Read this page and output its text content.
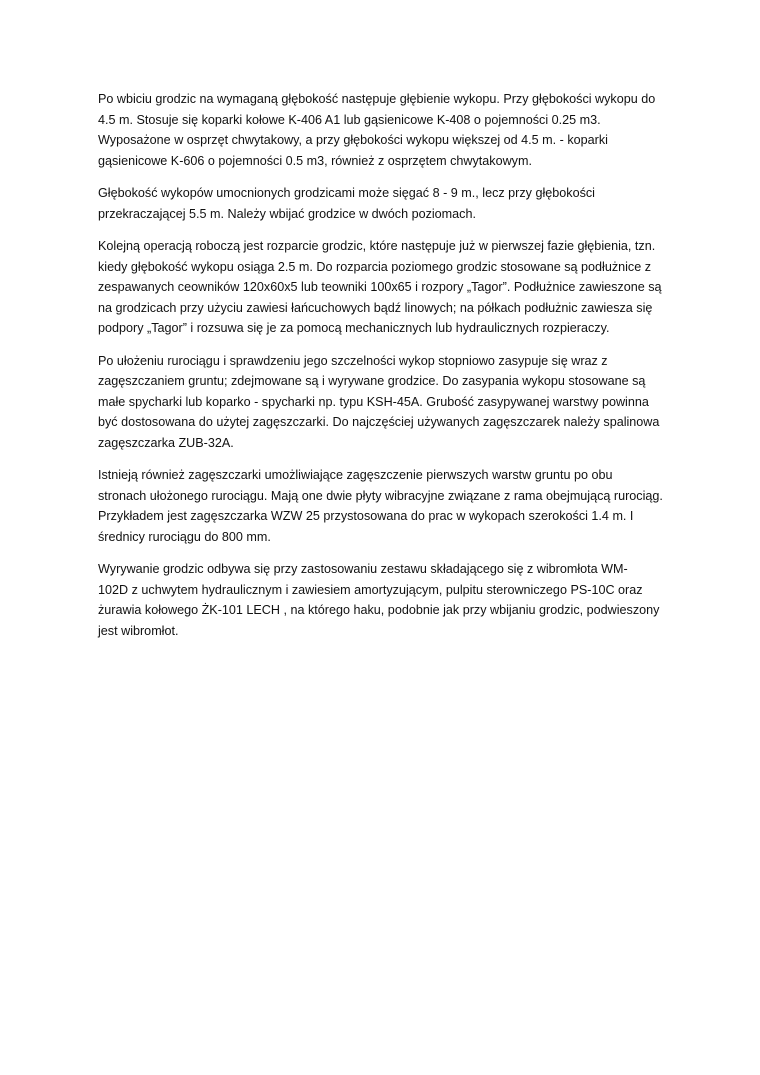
Po wbiciu grodzic na wymaganą głębokość następuje głębienie wykopu. Przy głębokości wykopu do
4.5 m. Stosuje się koparki kołowe K-406 A1 lub gąsienicowe K-408 o pojemności 0.25 m3.
Wyposażone w osprzęt chwytakowy, a przy głębokości wykopu większej od 4.5 m. - koparki
gąsienicowe K-606 o pojemności 0.5 m3, również z osprzętem chwytakowym.

Głębokość wykopów umocnionych grodzicami może sięgać 8 - 9 m., lecz przy głębokości
przekraczającej 5.5 m. Należy wbijać grodzice w dwóch poziomach.

Kolejną operacją roboczą jest rozparcie grodzic, które następuje już w pierwszej fazie głębienia, tzn.
kiedy głębokość wykopu osiąga 2.5 m. Do rozparcia poziomego grodzic stosowane są podłużnice z
zespawanych ceowników 120x60x5 lub teowniki 100x65 i rozpory „Tagor”. Podłużnice zawieszone są
na grodzicach przy użyciu zawiesi łańcuchowych bądź linowych; na półkach podłużnic zawiesza się
podpory „Tagor” i rozsuwa się je za pomocą mechanicznych lub hydraulicznych rozpieraczy.

Po ułożeniu rurociągu i sprawdzeniu jego szczelności wykop stopniowo zasypuje się wraz z
zagęszczaniem gruntu; zdejmowane są i wyrywane grodzice. Do zasypania wykopu stosowane są
małe spycharki lub koparko - spycharki np. typu KSH-45A. Grubość zasypywanej warstwy powinna
być dostosowana do użytej zagęszczarki. Do najczęściej używanych zagęszczarek należy spalinowa
zagęszczarka ZUB-32A.

Istnieją również zagęszczarki umożliwiające zagęszczenie pierwszych warstw gruntu po obu
stronach ułożonego rurociągu. Mają one dwie płyty wibracyjne związane z rama obejmującą rurociąg.
Przykładem jest zagęszczarka WZW 25 przystosowana do prac w wykopach szerokości 1.4 m. I
średnicy rurociągu do 800 mm.

Wyrywanie grodzic odbywa się przy zastosowaniu zestawu składającego się z wibromłota WM-
102D z uchwytem hydraulicznym i zawiesiem amortyzującym, pulpitu sterowniczego PS-10C oraz
żurawia kołowego ŻK-101 LECH , na którego haku, podobnie jak przy wbijaniu grodzic, podwieszony
jest wibromłot.
